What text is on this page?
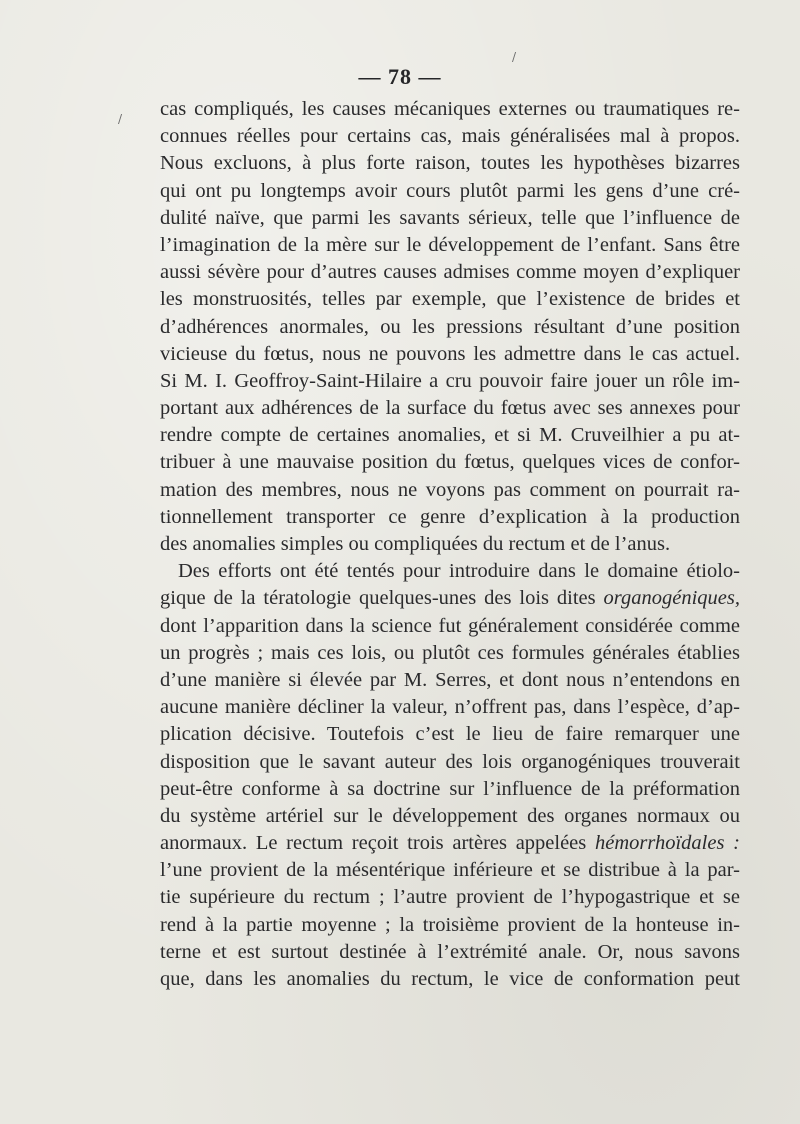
— 78 —
cas compliqués, les causes mécaniques externes ou traumatiques re-
connues réelles pour certains cas, mais généralisées mal à propos.
Nous excluons, à plus forte raison, toutes les hypothèses bizarres
qui ont pu longtemps avoir cours plutôt parmi les gens d’une cré-
dulité naïve, que parmi les savants sérieux, telle que l’influence de
l’imagination de la mère sur le développement de l’enfant. Sans être
aussi sévère pour d’autres causes admises comme moyen d’expliquer
les monstruosités, telles par exemple, que l’existence de brides et
d’adhérences anormales, ou les pressions résultant d’une position
vicieuse du fœtus, nous ne pouvons les admettre dans le cas actuel.
Si M. I. Geoffroy-Saint-Hilaire a cru pouvoir faire jouer un rôle im-
portant aux adhérences de la surface du fœtus avec ses annexes pour
rendre compte de certaines anomalies, et si M. Cruveilhier a pu at-
tribuer à une mauvaise position du fœtus, quelques vices de confor-
mation des membres, nous ne voyons pas comment on pourrait ra-
tionnellement transporter ce genre d’explication à la production
des anomalies simples ou compliquées du rectum et de l’anus.
Des efforts ont été tentés pour introduire dans le domaine étiolo-
gique de la tératologie quelques-unes des lois dites organogéniques,
dont l’apparition dans la science fut généralement considérée comme
un progrès ; mais ces lois, ou plutôt ces formules générales établies
d’une manière si élevée par M. Serres, et dont nous n’entendons en
aucune manière décliner la valeur, n’offrent pas, dans l’espèce, d’ap-
plication décisive. Toutefois c’est le lieu de faire remarquer une
disposition que le savant auteur des lois organogéniques trouverait
peut-être conforme à sa doctrine sur l’influence de la préformation
du système artériel sur le développement des organes normaux ou
anormaux. Le rectum reçoit trois artères appelées hémorrhoïdales :
l’une provient de la mésentérique inférieure et se distribue à la par-
tie supérieure du rectum ; l’autre provient de l’hypogastrique et se
rend à la partie moyenne ; la troisième provient de la honteuse in-
terne et est surtout destinée à l’extrémité anale. Or, nous savons
que, dans les anomalies du rectum, le vice de conformation peut
/
/
